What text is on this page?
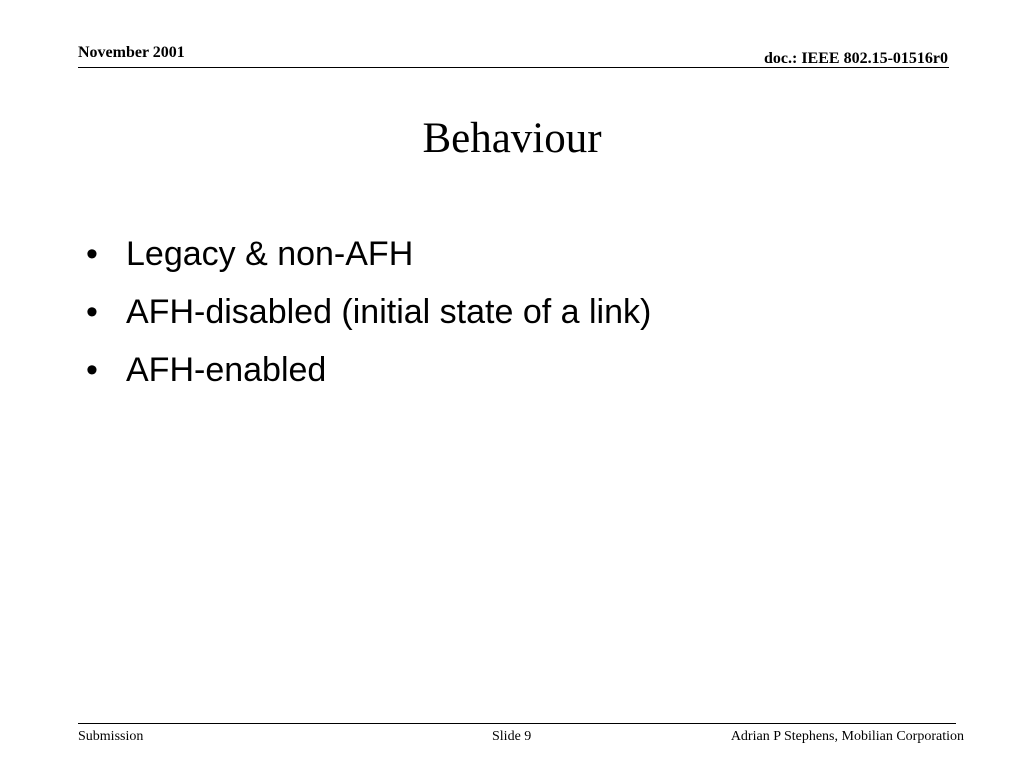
November 2001	doc.: IEEE 802.15-01516r0
Behaviour
• Legacy & non-AFH
• AFH-disabled (initial state of a link)
• AFH-enabled
Submission	Slide 9	Adrian P Stephens, Mobilian Corporation
